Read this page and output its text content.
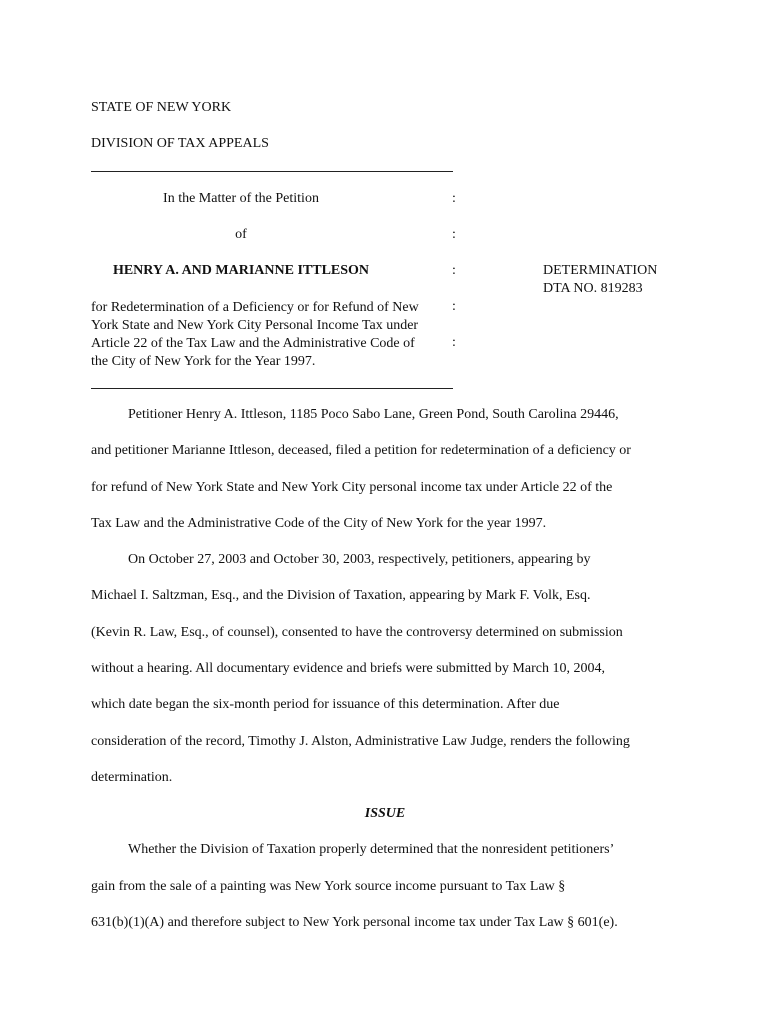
STATE OF NEW YORK
DIVISION OF TAX APPEALS
In the Matter of the Petition	:
of	:
HENRY A. AND MARIANNE ITTLESON	:
for Redetermination of a Deficiency or for Refund of New
York State and New York City Personal Income Tax under
Article 22 of the Tax Law and the Administrative Code of
the City of New York for the Year 1997.
:
:
DETERMINATION
DTA NO. 819283
Petitioner Henry A. Ittleson, 1185 Poco Sabo Lane, Green Pond, South Carolina 29446,
and petitioner Marianne Ittleson, deceased, filed a petition for redetermination of a deficiency or
for refund of New York State and New York City personal income tax under Article 22 of the
Tax Law and the Administrative Code of the City of New York for the year 1997.
On October 27, 2003 and October 30, 2003, respectively, petitioners, appearing by
Michael I. Saltzman, Esq., and the Division of Taxation, appearing by Mark F. Volk, Esq.
(Kevin R. Law, Esq., of counsel), consented to have the controversy determined on submission
without a hearing. All documentary evidence and briefs were submitted by March 10, 2004,
which date began the six-month period for issuance of this determination. After due
consideration of the record, Timothy J. Alston, Administrative Law Judge, renders the following
determination.
ISSUE
Whether the Division of Taxation properly determined that the nonresident petitioners’
gain from the sale of a painting was New York source income pursuant to Tax Law §
631(b)(1)(A) and therefore subject to New York personal income tax under Tax Law § 601(e).
